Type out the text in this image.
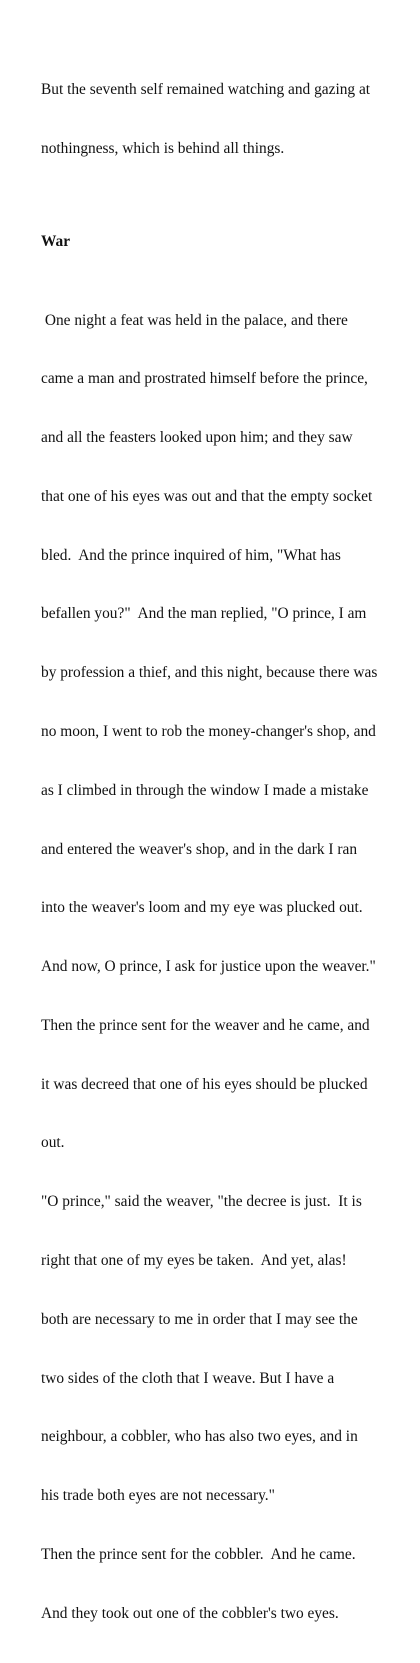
But the seventh self remained watching and gazing at

nothingness, which is behind all things.

War

One night a feat was held in the palace, and there

came a man and prostrated himself before the prince,

and all the feasters looked upon him; and they saw

that one of his eyes was out and that the empty socket

bled.  And the prince inquired of him, "What has

befallen you?"  And the man replied, "O prince, I am

by profession a thief, and this night, because there was

no moon, I went to rob the money-changer's shop, and

as I climbed in through the window I made a mistake

and entered the weaver's shop, and in the dark I ran

into the weaver's loom and my eye was plucked out.

And now, O prince, I ask for justice upon the weaver."

Then the prince sent for the weaver and he came, and

it was decreed that one of his eyes should be plucked

out.

"O prince," said the weaver, "the decree is just.  It is

right that one of my eyes be taken.  And yet, alas!

both are necessary to me in order that I may see the

two sides of the cloth that I weave. But I have a

neighbour, a cobbler, who has also two eyes, and in

his trade both eyes are not necessary."

Then the prince sent for the cobbler.  And he came.

And they took out one of the cobbler's two eyes.
